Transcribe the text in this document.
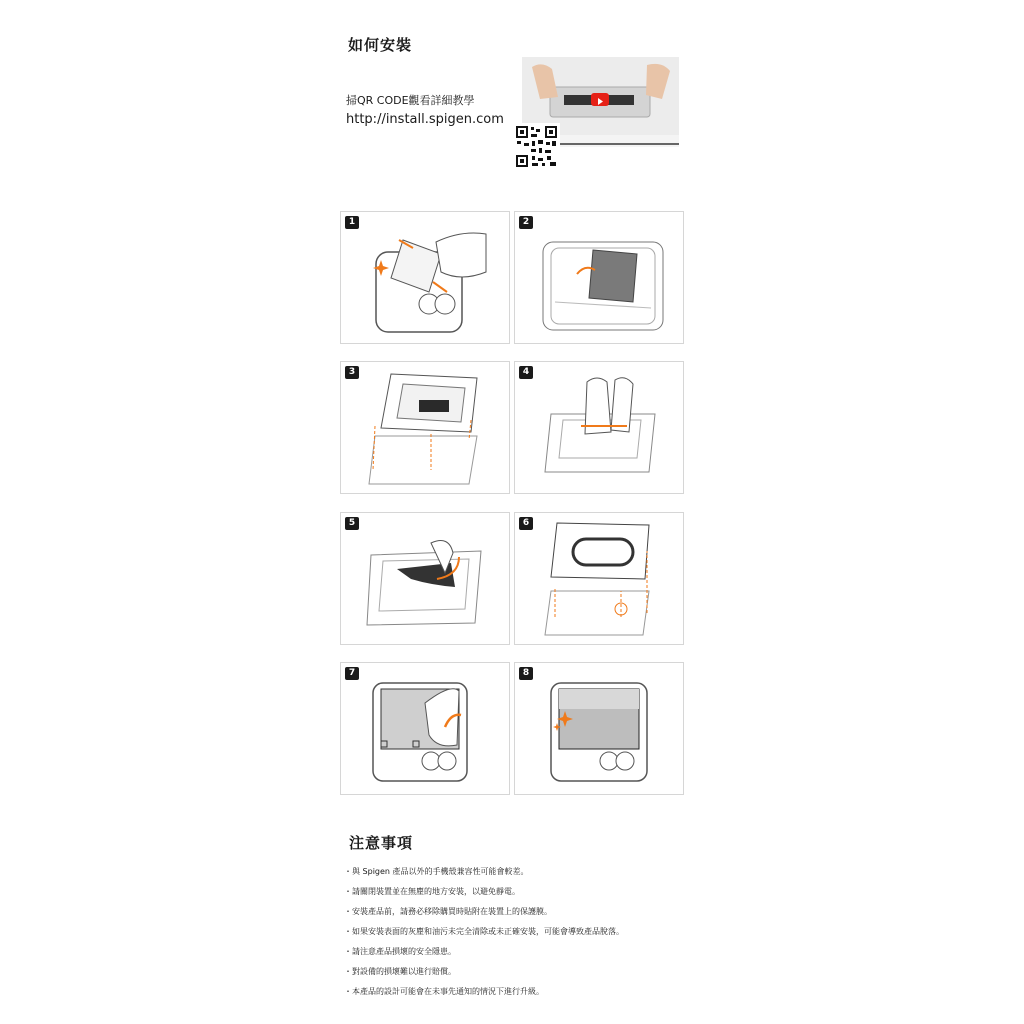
如何安裝
掃QR CODE觀看詳細教學
http://install.spigen.com
1	2
3	4
5	6
7	8
注意事項
・與 Spigen 產品以外的手機殼兼容性可能會較差。
・請關閉裝置並在無塵的地方安裝，以避免靜電。
・安裝產品前，請務必移除購買時貼附在裝置上的保護膜。
・如果安裝表面的灰塵和油污未完全清除或未正確安裝，可能會導致產品脫落。
・請注意產品損壞的安全隱患。
・對設備的損壞難以進行賠償。
・本產品的設計可能會在未事先通知的情況下進行升級。
